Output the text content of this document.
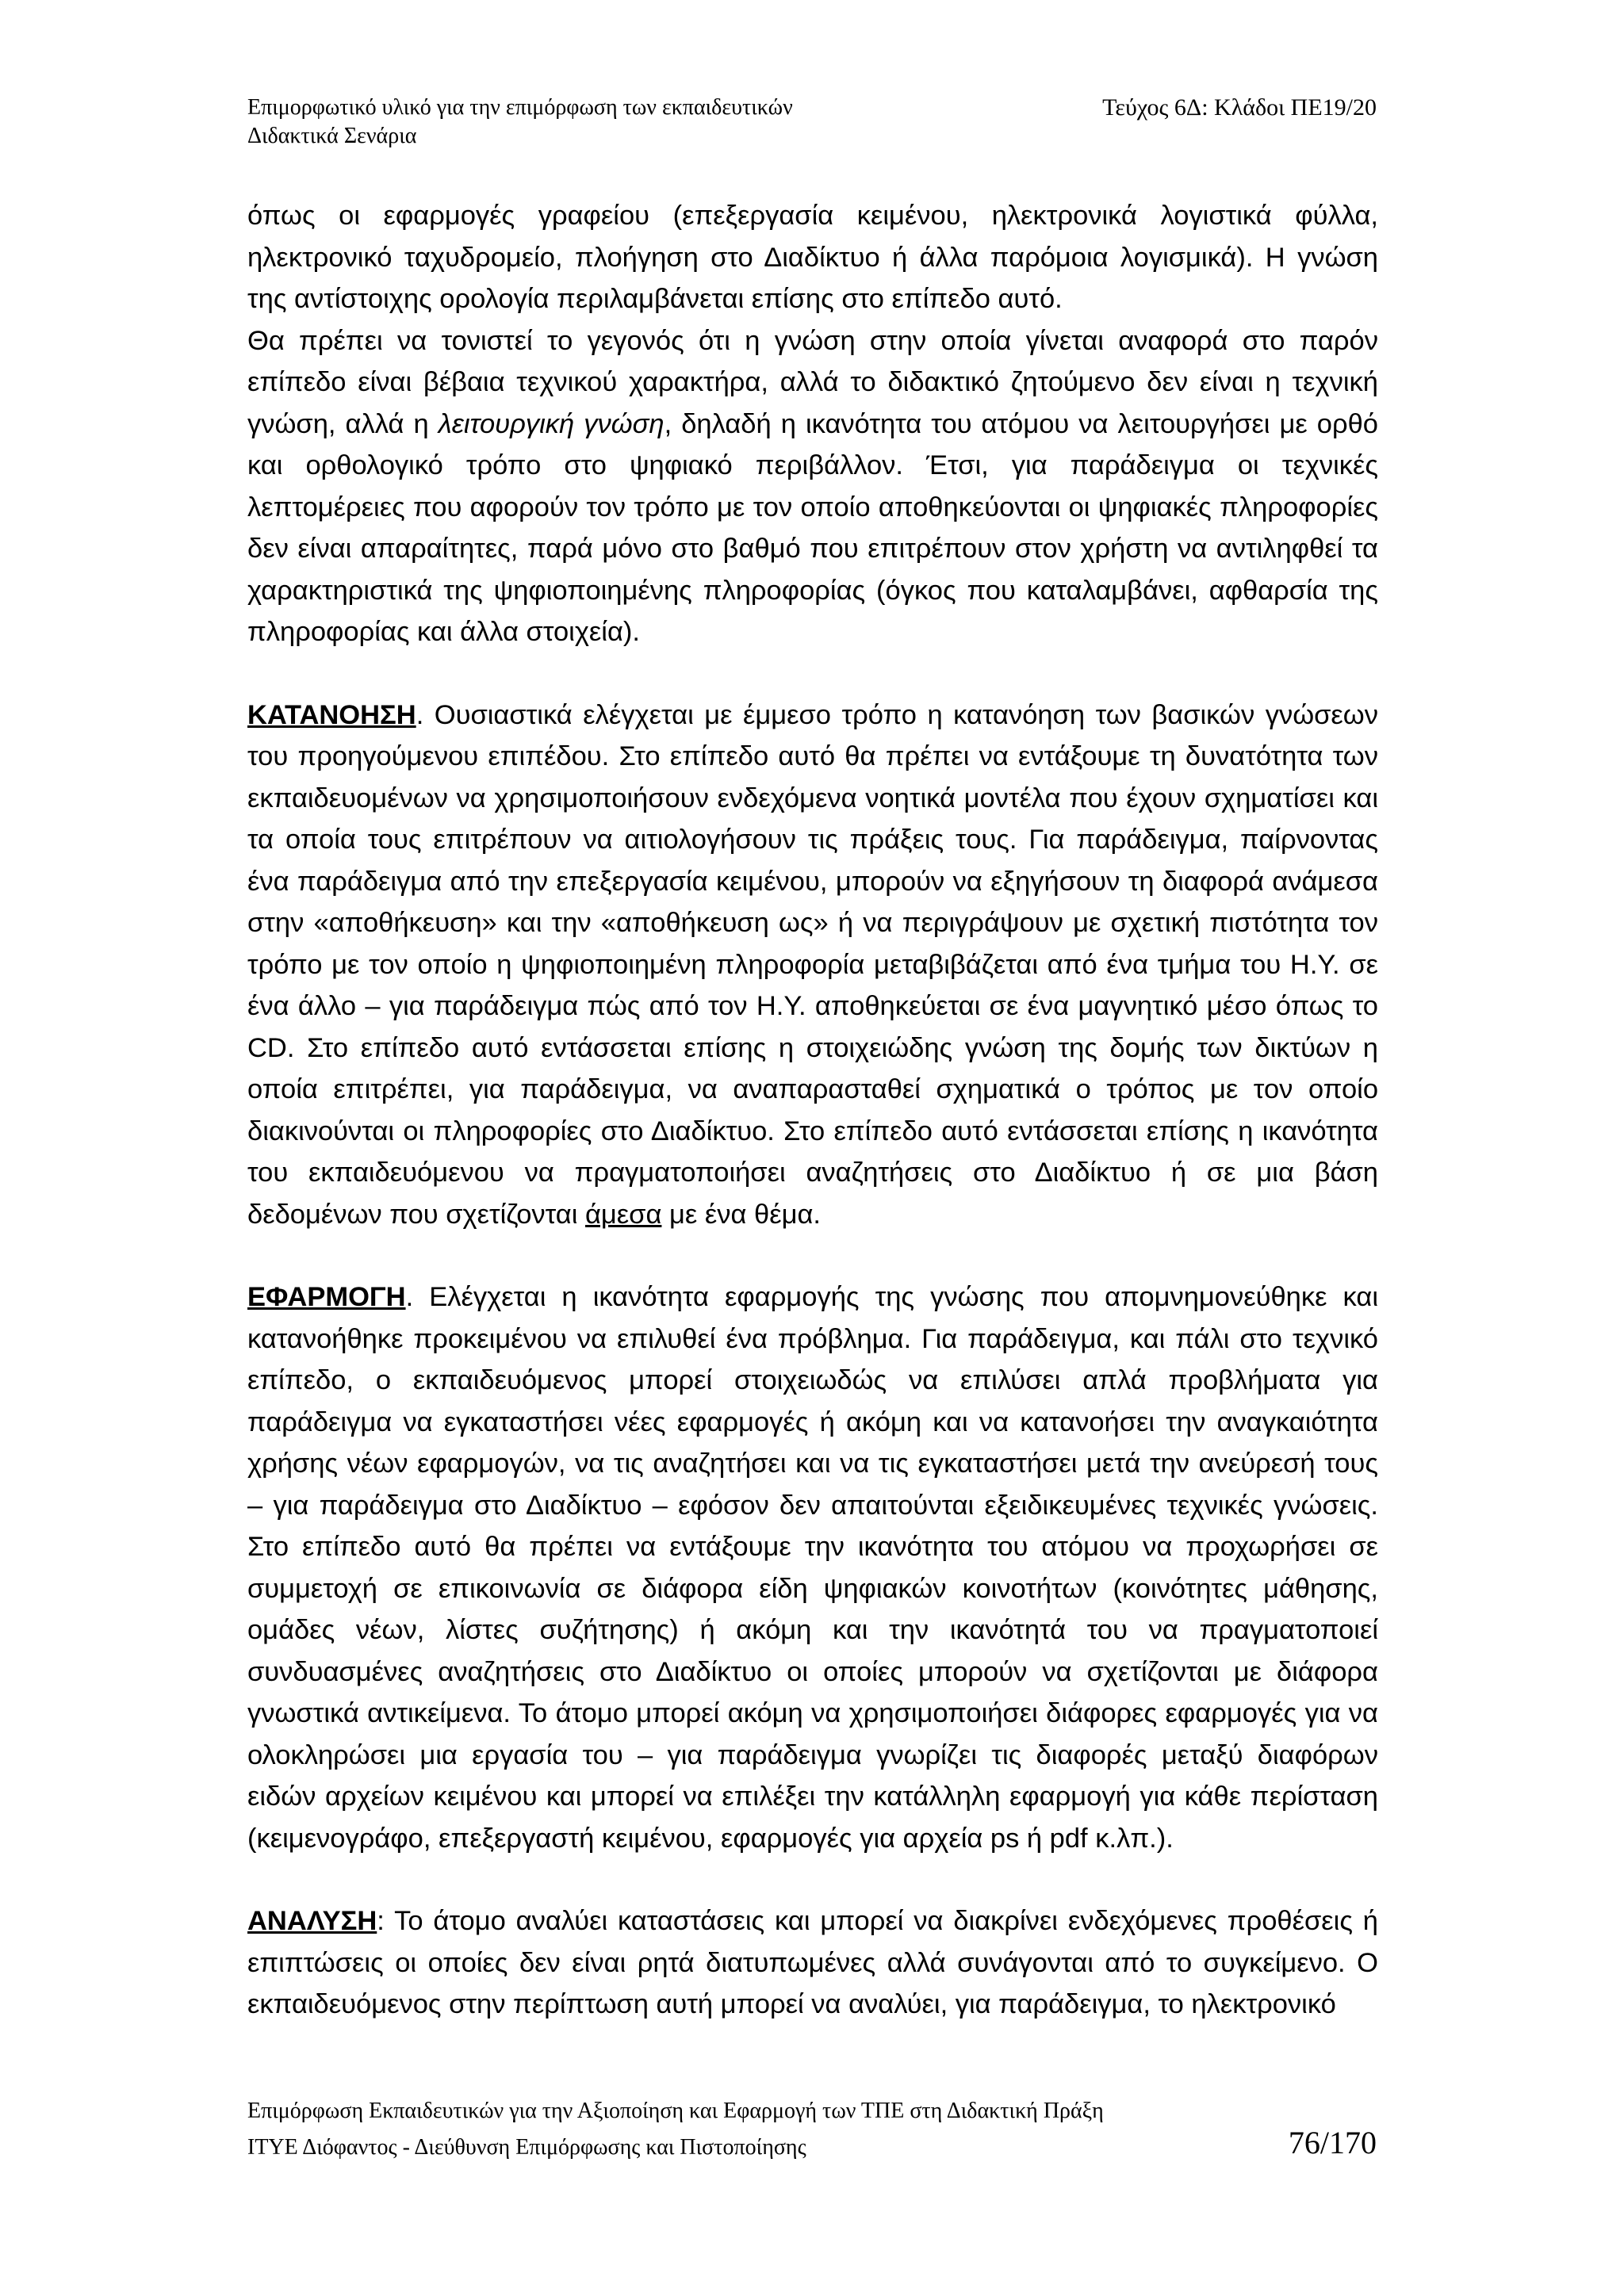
Επιμορφωτικό υλικό για την επιμόρφωση των εκπαιδευτικών
Διδακτικά Σενάρια
Τεύχος 6Δ: Κλάδοι ΠΕ19/20

όπως οι εφαρμογές γραφείου (επεξεργασία κειμένου, ηλεκτρονικά λογιστικά φύλλα, ηλεκτρονικό ταχυδρομείο, πλοήγηση στο Διαδίκτυο ή άλλα παρόμοια λογισμικά). Η γνώση της αντίστοιχης ορολογία περιλαμβάνεται επίσης στο επίπεδο αυτό.

Θα πρέπει να τονιστεί το γεγονός ότι η γνώση στην οποία γίνεται αναφορά στο παρόν επίπεδο είναι βέβαια τεχνικού χαρακτήρα, αλλά το διδακτικό ζητούμενο δεν είναι η τεχνική γνώση, αλλά η λειτουργική γνώση, δηλαδή η ικανότητα του ατόμου να λειτουργήσει με ορθό και ορθολογικό τρόπο στο ψηφιακό περιβάλλον. Έτσι, για παράδειγμα οι τεχνικές λεπτομέρειες που αφορούν τον τρόπο με τον οποίο αποθηκεύονται οι ψηφιακές πληροφορίες δεν είναι απαραίτητες, παρά μόνο στο βαθμό που επιτρέπουν στον χρήστη να αντιληφθεί τα χαρακτηριστικά της ψηφιοποιημένης πληροφορίας (όγκος που καταλαμβάνει, αφθαρσία της πληροφορίας και άλλα στοιχεία).

ΚΑΤΑΝΟΗΣΗ. Ουσιαστικά ελέγχεται με έμμεσο τρόπο η κατανόηση των βασικών γνώσεων του προηγούμενου επιπέδου. Στο επίπεδο αυτό θα πρέπει να εντάξουμε τη δυνατότητα των εκπαιδευομένων να χρησιμοποιήσουν ενδεχόμενα νοητικά μοντέλα που έχουν σχηματίσει και τα οποία τους επιτρέπουν να αιτιολογήσουν τις πράξεις τους. Για παράδειγμα, παίρνοντας ένα παράδειγμα από την επεξεργασία κειμένου, μπορούν να εξηγήσουν τη διαφορά ανάμεσα στην «αποθήκευση» και την «αποθήκευση ως» ή να περιγράψουν με σχετική πιστότητα τον τρόπο με τον οποίο η ψηφιοποιημένη πληροφορία μεταβιβάζεται από ένα τμήμα του Η.Υ. σε ένα άλλο – για παράδειγμα πώς από τον Η.Υ. αποθηκεύεται σε ένα μαγνητικό μέσο όπως το CD. Στο επίπεδο αυτό εντάσσεται επίσης η στοιχειώδης γνώση της δομής των δικτύων η οποία επιτρέπει, για παράδειγμα, να αναπαρασταθεί σχηματικά ο τρόπος με τον οποίο διακινούνται οι πληροφορίες στο Διαδίκτυο. Στο επίπεδο αυτό εντάσσεται επίσης η ικανότητα του εκπαιδευόμενου να πραγματοποιήσει αναζητήσεις στο Διαδίκτυο ή σε μια βάση δεδομένων που σχετίζονται άμεσα με ένα θέμα.

ΕΦΑΡΜΟΓΗ. Ελέγχεται η ικανότητα εφαρμογής της γνώσης που απομνημονεύθηκε και κατανοήθηκε προκειμένου να επιλυθεί ένα πρόβλημα. Για παράδειγμα, και πάλι στο τεχνικό επίπεδο, ο εκπαιδευόμενος μπορεί στοιχειωδώς να επιλύσει απλά προβλήματα για παράδειγμα να εγκαταστήσει νέες εφαρμογές ή ακόμη και να κατανοήσει την αναγκαιότητα χρήσης νέων εφαρμογών, να τις αναζητήσει και να τις εγκαταστήσει μετά την ανεύρεσή τους – για παράδειγμα στο Διαδίκτυο – εφόσον δεν απαιτούνται εξειδικευμένες τεχνικές γνώσεις. Στο επίπεδο αυτό θα πρέπει να εντάξουμε την ικανότητα του ατόμου να προχωρήσει σε συμμετοχή σε επικοινωνία σε διάφορα είδη ψηφιακών κοινοτήτων (κοινότητες μάθησης, ομάδες νέων, λίστες συζήτησης) ή ακόμη και την ικανότητά του να πραγματοποιεί συνδυασμένες αναζητήσεις στο Διαδίκτυο οι οποίες μπορούν να σχετίζονται με διάφορα γνωστικά αντικείμενα. Το άτομο μπορεί ακόμη να χρησιμοποιήσει διάφορες εφαρμογές για να ολοκληρώσει μια εργασία του – για παράδειγμα γνωρίζει τις διαφορές μεταξύ διαφόρων ειδών αρχείων κειμένου και μπορεί να επιλέξει την κατάλληλη εφαρμογή για κάθε περίσταση (κειμενογράφο, επεξεργαστή κειμένου, εφαρμογές για αρχεία ps ή pdf κ.λπ.).

ΑΝΑΛΥΣΗ: Το άτομο αναλύει καταστάσεις και μπορεί να διακρίνει ενδεχόμενες προθέσεις ή επιπτώσεις οι οποίες δεν είναι ρητά διατυπωμένες αλλά συνάγονται από το συγκείμενο. Ο εκπαιδευόμενος στην περίπτωση αυτή μπορεί να αναλύει, για παράδειγμα, το ηλεκτρονικό

Επιμόρφωση Εκπαιδευτικών για την Αξιοποίηση και Εφαρμογή των ΤΠΕ στη Διδακτική Πράξη
ΙΤΥΕ Διόφαντος - Διεύθυνση Επιμόρφωσης και Πιστοποίησης	76/170
